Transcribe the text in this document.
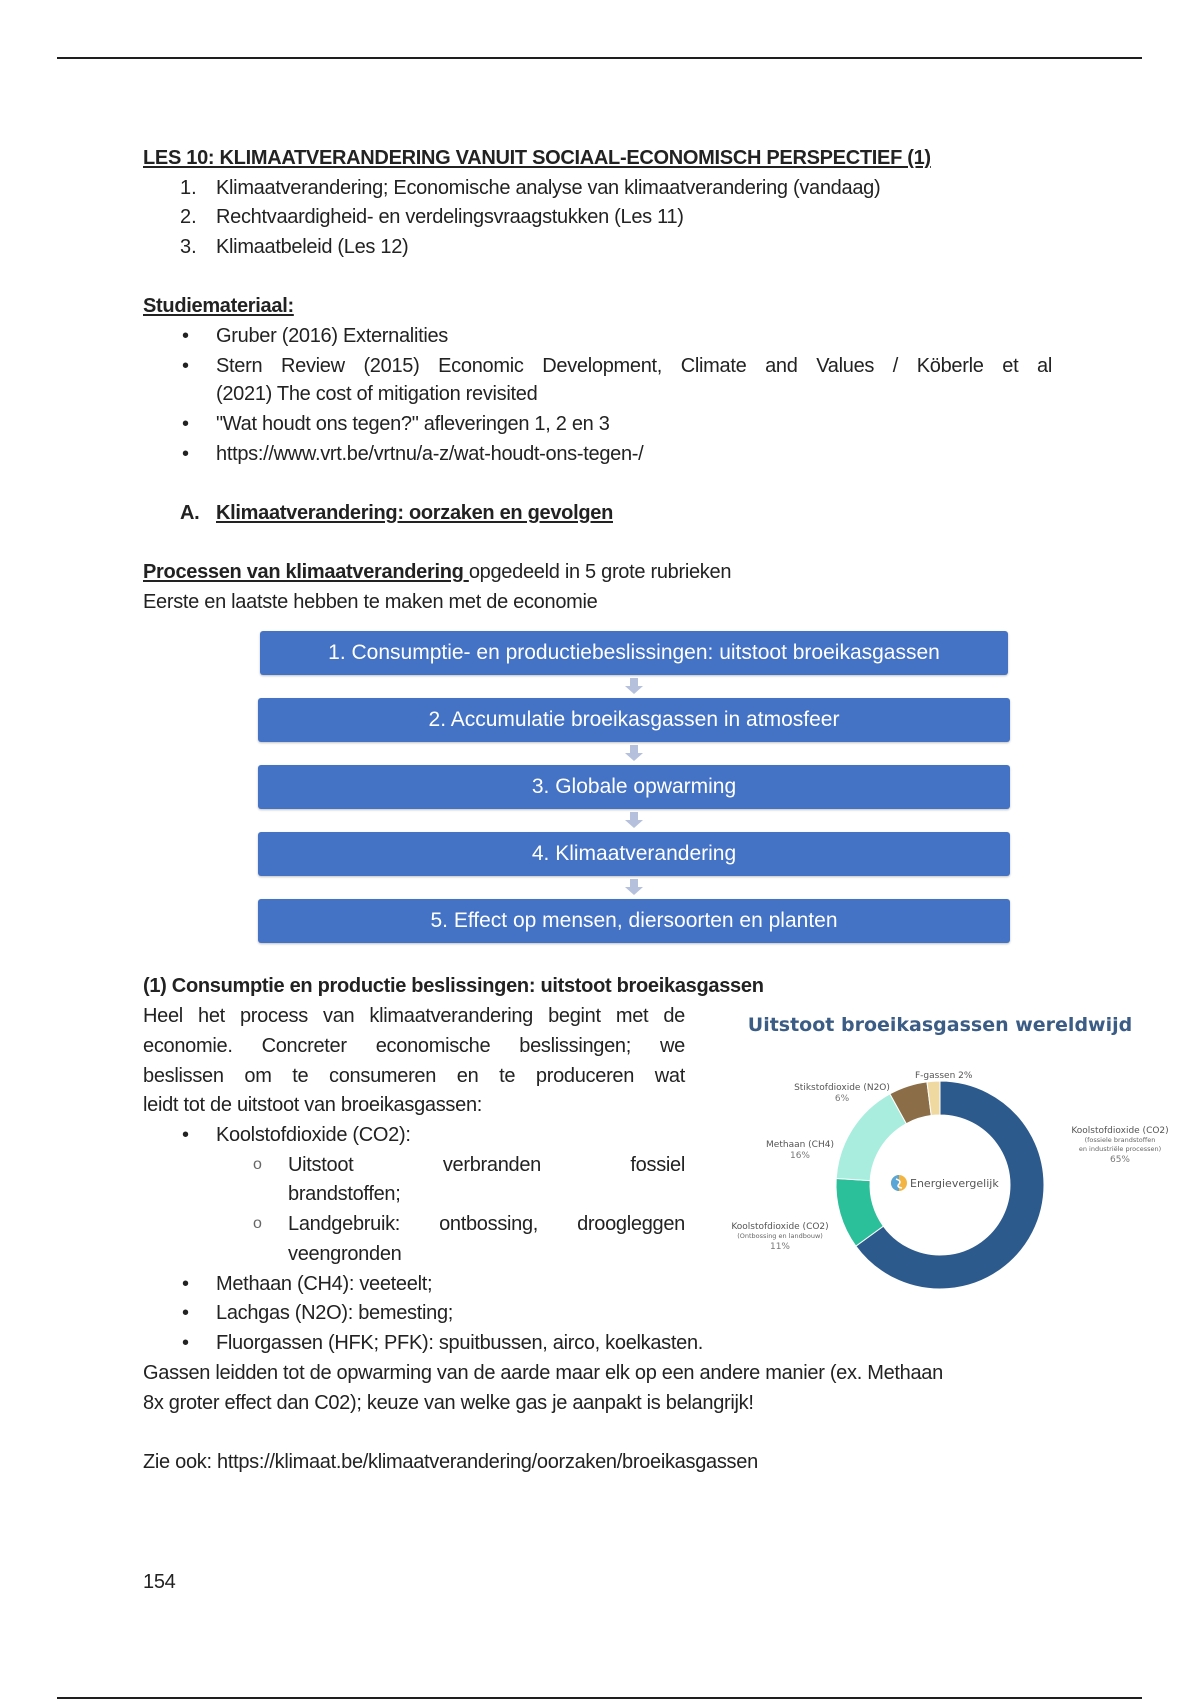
LES 10: KLIMAATVERANDERING VANUIT SOCIAAL-ECONOMISCH PERSPECTIEF (1)
1. Klimaatverandering; Economische analyse van klimaatverandering (vandaag)
2. Rechtvaardigheid- en verdelingsvraagstukken (Les 11)
3. Klimaatbeleid (Les 12)
Studiemateriaal:
• Gruber (2016) Externalities
• Stern Review (2015) Economic Development, Climate and Values / Köberle et al
(2021) The cost of mitigation revisited
• "Wat houdt ons tegen?" afleveringen 1, 2 en 3
• https://www.vrt.be/vrtnu/a-z/wat-houdt-ons-tegen-/
A. Klimaatverandering: oorzaken en gevolgen
Processen van klimaatverandering opgedeeld in 5 grote rubrieken
Eerste en laatste hebben te maken met de economie
1. Consumptie- en productiebeslissingen: uitstoot broeikasgassen
2. Accumulatie broeikasgassen in atmosfeer
3. Globale opwarming
4. Klimaatverandering
5. Effect op mensen, diersoorten en planten
(1) Consumptie en productie beslissingen: uitstoot broeikasgassen
Heel het process van klimaatverandering begint met de
economie. Concreter economische beslissingen; we
beslissen om te consumeren en te produceren wat
leidt tot de uitstoot van broeikasgassen:
• Koolstofdioxide (CO2):
o Uitstoot verbranden fossiel
brandstoffen;
o Landgebruik: ontbossing, droogleggen
veengronden
• Methaan (CH4): veeteelt;
• Lachgas (N2O): bemesting;
• Fluorgassen (HFK; PFK): spuitbussen, airco, koelkasten.
Gassen leidden tot de opwarming van de aarde maar elk op een andere manier (ex. Methaan
8x groter effect dan C02); keuze van welke gas je aanpakt is belangrijk!
Zie ook: https://klimaat.be/klimaatverandering/oorzaken/broeikasgassen
154
Uitstoot broeikasgassen wereldwijd
Koolstofdioxide (CO2)
(fossiele brandstoffen
en industriële processen)
65%
Koolstofdioxide (CO2)
(Ontbossing en landbouw)
11%
Methaan (CH4)
16%
Stikstofdioxide (N2O)
6%
F-gassen 2%
Energievergelijk
